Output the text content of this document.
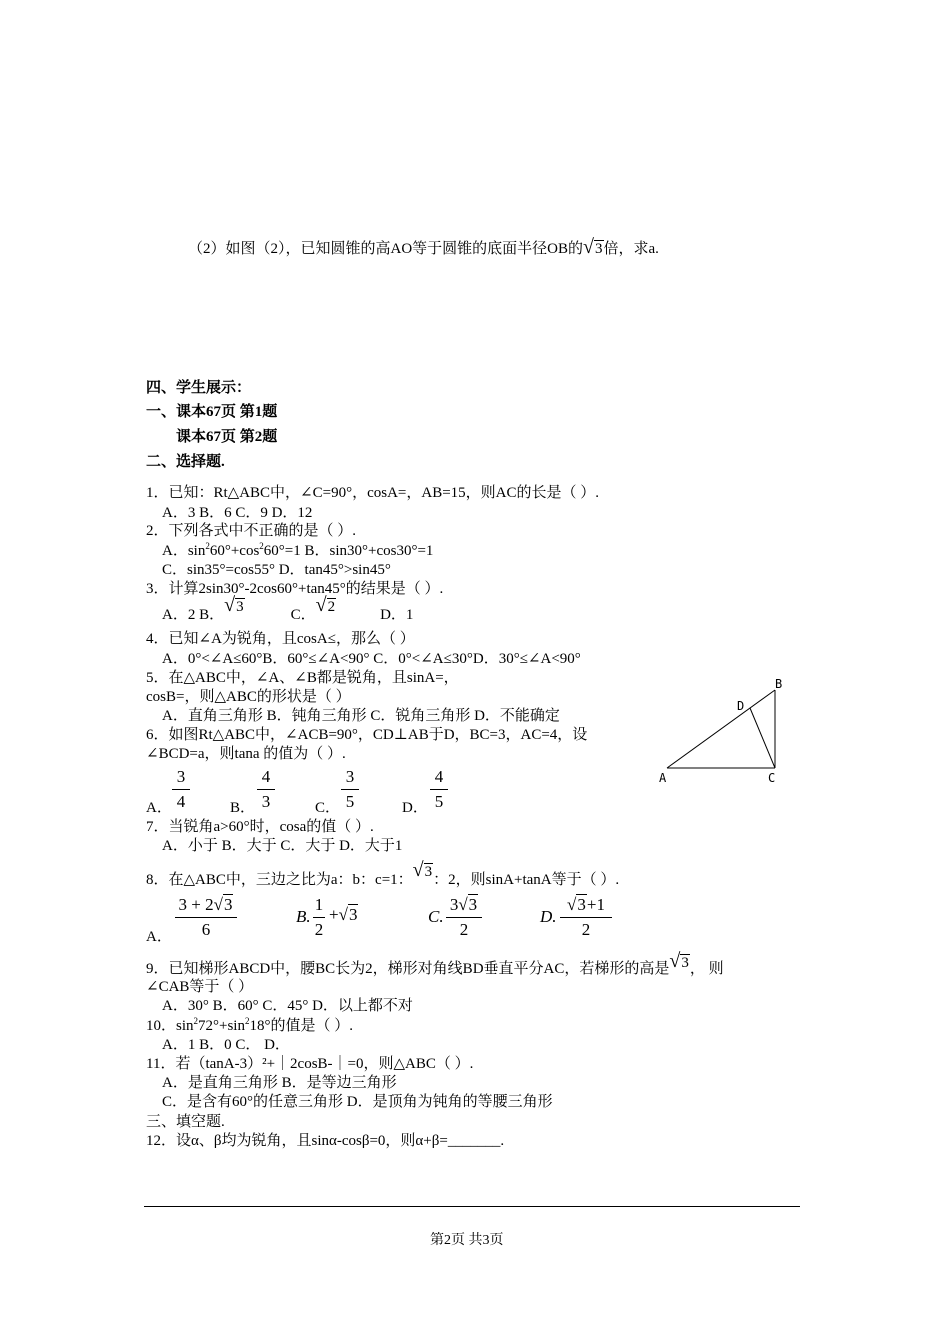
（2）如图（2），已知圆锥的高AO等于圆锥的底面半径OB的√3倍，求a.
四、学生展示：
一、课本67页 第1题
课本67页 第2题
二、选择题.
1．已知：Rt△ABC中，∠C=90°，cosA=，AB=15，则AC的长是（ ）.
A．3 B．6 C．9 D．12
2．下列各式中不正确的是（ ）.
A．$\sin^260^\circ+\cos^260^\circ=1$ B．sin30°+cos30°=1
C．sin35°=cos55° D．tan45°>sin45°
3．计算2sin30°-2cos60°+tan45°的结果是（ ）.
A．2 B．√3	C．√2	D．1
4．已知∠A为锐角，且cosA≤，那么（ ）
A．0°<∠A≤60°B．60°≤∠A<90° C．0°<∠A≤30°D．30°≤∠A<90°
5．在△ABC中，∠A、∠B都是锐角，且sinA=，
cosB=，则△ABC的形状是（ ）
A．直角三角形 B．钝角三角形 C．锐角三角形 D．不能确定
6．如图Rt△ABC中，∠ACB=90°，CD⊥AB于D，BC=3，AC=4，设
∠BCD=a，则tana 的值为（ ）.
A．
3
4	B．
4
3	C．
3
5	D．
4
5
A
B
C
D
7．当锐角a>60°时，cosa的值（ ）.
A．小于 B．大于 C．大于 D．大于1
8．在△ABC中，三边之比为a：b：c=1：√3：2，则sinA+tanA等于（ ）.
A．
3 + 2√3
6
B.
1
2
+√3	C.
3√3
2
D.
√3+1
2
9．已知梯形ABCD中，腰BC长为2，梯形对角线BD垂直平分AC，若梯形的高是√3， 则
∠CAB等于（ ）
A．30° B．60° C．45° D．以上都不对
10．$\sin^272^\circ+\sin^218^\circ$的值是（ ）.
A．1 B．0 C． D．
11．若（tanA-3）²+｜2cosB-｜=0，则△ABC（ ）.
A．是直角三角形 B．是等边三角形
C．是含有60°的任意三角形 D．是顶角为钝角的等腰三角形
三、填空题.
12．设α、β均为锐角，且sinα-cosβ=0，则α+β=_______.
第2页 共3页
